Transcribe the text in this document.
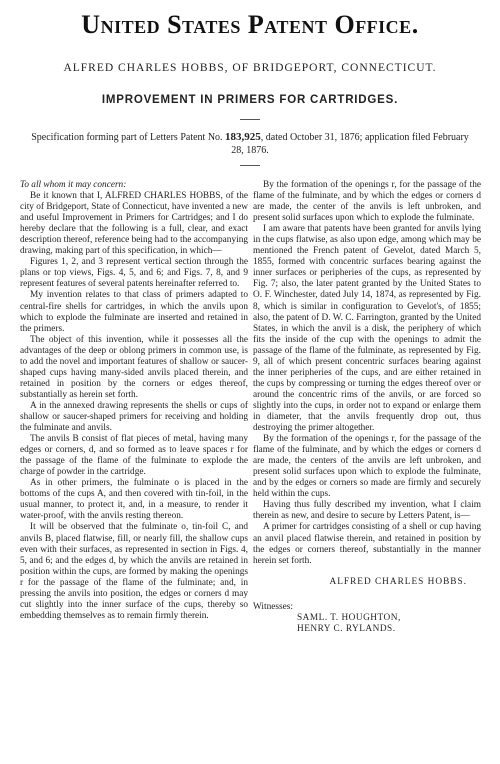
United States Patent Office.
ALFRED CHARLES HOBBS, OF BRIDGEPORT, CONNECTICUT.
IMPROVEMENT IN PRIMERS FOR CARTRIDGES.
Specification forming part of Letters Patent No. 183,925, dated October 31, 1876; application filed February 28, 1876.

To all whom it may concern:

Be it known that I, ALFRED CHARLES HOBBS, of the city of Bridgeport, State of Connecticut, have invented a new and useful Improvement in Primers for Cartridges; and I do hereby declare that the following is a full, clear, and exact description thereof, reference being had to the accompanying drawing, making part of this specification, in which—

Figures 1, 2, and 3 represent vertical section through the plans or top views, Figs. 4, 5, and 6; and Figs. 7, 8, and 9 represent features of several patents hereinafter referred to.

My invention relates to that class of primers adapted to central-fire shells for cartridges, in which the anvils upon which to explode the fulminate are inserted and retained in the primers.

The object of this invention, while it possesses all the advantages of the deep or oblong primers in common use, is to add the novel and important features of shallow or saucer-shaped cups having many-sided anvils placed therein, and retained in position by the corners or edges thereof, substantially as herein set forth.

A in the annexed drawing represents the shells or cups of shallow or saucer-shaped primers for receiving and holding the fulminate and anvils.

The anvils B consist of flat pieces of metal, having many edges or corners, d, and so formed as to leave spaces r for the passage of the flame of the fulminate to explode the charge of powder in the cartridge.

As in other primers, the fulminate o is placed in the bottoms of the cups A, and then covered with tin-foil, in the usual manner, to protect it, and, in a measure, to render it water-proof, with the anvils resting thereon.

It will be observed that the fulminate o, tin-foil C, and anvils B, placed flatwise, fill, or nearly fill, the shallow cups even with their surfaces, as represented in section in Figs. 4, 5, and 6; and the edges d, by which the anvils are retained in position within the cups, are formed by making the openings r for the passage of the flame of the fulminate; and, in pressing the anvils into position, the edges or corners d may cut slightly into the inner surface of the cups, thereby so embedding themselves as to remain firmly therein.

By the formation of the openings r, for the passage of the flame of the fulminate, and by which the edges or corners d are made, the center of the anvils is left unbroken, and present solid surfaces upon which to explode the fulminate.

I am aware that patents have been granted for anvils lying in the cups flatwise, as also upon edge, among which may be mentioned the French patent of Gevelot, dated March 5, 1855, formed with concentric surfaces bearing against the inner surfaces or peripheries of the cups, as represented by Fig. 7; also, the later patent granted by the United States to O. F. Winchester, dated July 14, 1874, as represented by Fig. 8, which is similar in configuration to Gevelot's, of 1855; also, the patent of D. W. C. Farrington, granted by the United States, in which the anvil is a disk, the periphery of which fits the inside of the cup with the openings to admit the passage of the flame of the fulminate, as represented by Fig. 9, all of which present concentric surfaces bearing against the inner peripheries of the cups, and are either retained in the cups by compressing or turning the edges thereof over or around the concentric rims of the anvils, or are forced so slightly into the cups, in order not to expand or enlarge them in diameter, that the anvils frequently drop out, thus destroying the primer altogether.

By the formation of the openings r, for the passage of the flame of the fulminate, and by which the edges or corners d are made, the centers of the anvils are left unbroken, and present solid surfaces upon which to explode the fulminate, and by the edges or corners so made are firmly and securely held within the cups.

Having thus fully described my invention, what I claim therein as new, and desire to secure by Letters Patent, is—

A primer for cartridges consisting of a shell or cup having an anvil placed flatwise therein, and retained in position by the edges or corners thereof, substantially in the manner herein set forth.

ALFRED CHARLES HOBBS.

Witnesses:

SAML. T. HOUGHTON,

HENRY C. RYLANDS.
